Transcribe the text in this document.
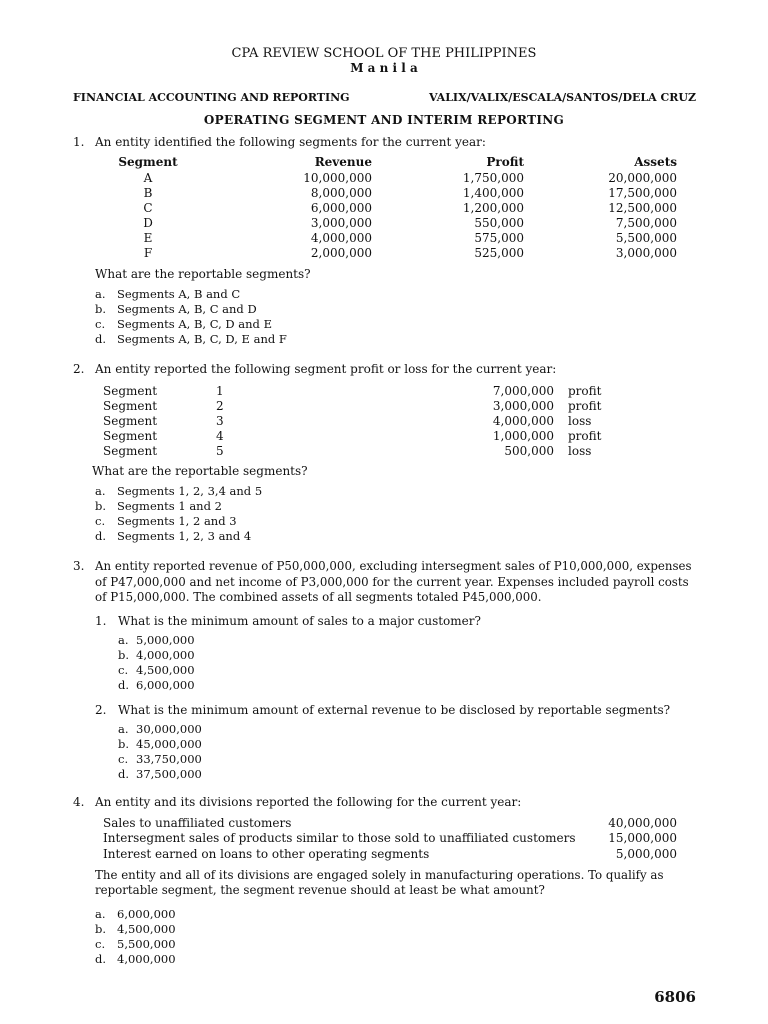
CPA REVIEW SCHOOL OF THE PHILIPPINES
M a n i l a
FINANCIAL ACCOUNTING AND REPORTING	VALIX/VALIX/ESCALA/SANTOS/DELA CRUZ
OPERATING SEGMENT AND INTERIM REPORTING
1. An entity identified the following segments for the current year:
Segment	Revenue	Profit	Assets
A	10,000,000	1,750,000	20,000,000
B	8,000,000	1,400,000	17,500,000
C	6,000,000	1,200,000	12,500,000
D	3,000,000	550,000	7,500,000
E	4,000,000	575,000	5,500,000
F	2,000,000	525,000	3,000,000
What are the reportable segments?
a. Segments A, B and C
b. Segments A, B, C and D
c. Segments A, B, C, D and E
d. Segments A, B, C, D, E and F
2. An entity reported the following segment profit or loss for the current year:
Segment	1	7,000,000 profit
Segment	2	3,000,000 profit
Segment	3	4,000,000 loss
Segment	4	1,000,000 profit
Segment	5	500,000 loss
What are the reportable segments?
a. Segments 1, 2, 3,4 and 5
b. Segments 1 and 2
c. Segments 1, 2 and 3
d. Segments 1, 2, 3 and 4
3. An entity reported revenue of P50,000,000, excluding intersegment sales of P10,000,000, expenses
of P47,000,000 and net income of P3,000,000 for the current year. Expenses included payroll costs
of P15,000,000. The combined assets of all segments totaled P45,000,000.
1. What is the minimum amount of sales to a major customer?
a. 5,000,000
b. 4,000,000
c. 4,500,000
d. 6,000,000
2. What is the minimum amount of external revenue to be disclosed by reportable segments?
a. 30,000,000
b. 45,000,000
c. 33,750,000
d. 37,500,000
4. An entity and its divisions reported the following for the current year:
Sales to unaffiliated customers	40,000,000
Intersegment sales of products similar to those sold to unaffiliated customers	15,000,000
Interest earned on loans to other operating segments	5,000,000
The entity and all of its divisions are engaged solely in manufacturing operations. To qualify as
reportable segment, the segment revenue should at least be what amount?
a. 6,000,000
b. 4,500,000
c. 5,500,000
d. 4,000,000
6806
